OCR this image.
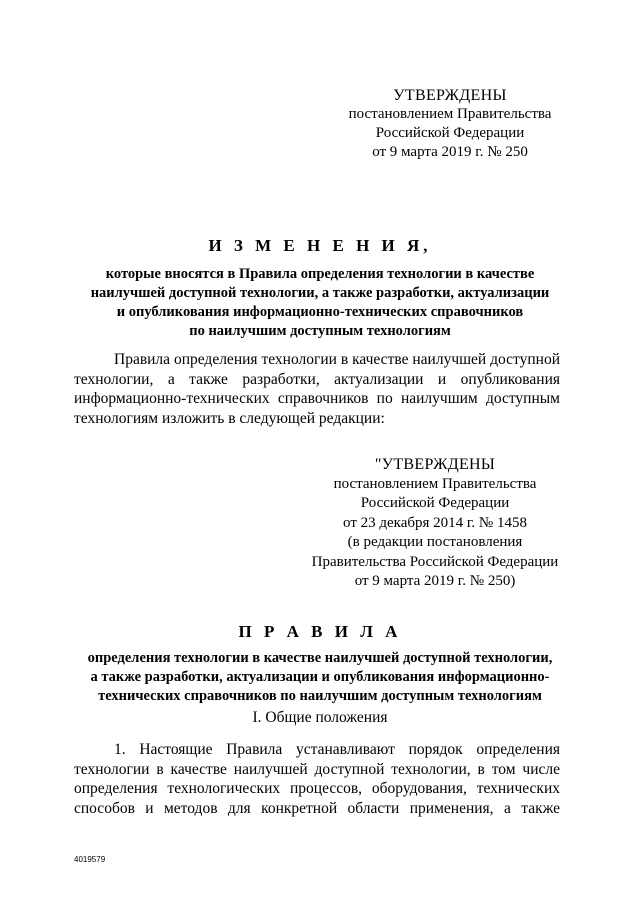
УТВЕРЖДЕНЫ
постановлением Правительства
Российской Федерации
от 9 марта 2019 г. № 250
И З М Е Н Е Н И Я,
которые вносятся в Правила определения технологии в качестве
наилучшей доступной технологии, а также разработки, актуализации
и опубликования информационно-технических справочников
по наилучшим доступным технологиям
Правила определения технологии в качестве наилучшей доступной
технологии, а также разработки, актуализации и опубликования
информационно-технических справочников по наилучшим доступным
технологиям изложить в следующей редакции:
"УТВЕРЖДЕНЫ
постановлением Правительства
Российской Федерации
от 23 декабря 2014 г. № 1458
(в редакции постановления
Правительства Российской Федерации
от 9 марта 2019 г. № 250)
П Р А В И Л А
определения технологии в качестве наилучшей доступной технологии,
а также разработки, актуализации и опубликования информационно-
технических справочников по наилучшим доступным технологиям
I. Общие положения
1. Настоящие Правила устанавливают порядок определения
технологии в качестве наилучшей доступной технологии, в том числе
определения технологических процессов, оборудования, технических
способов и методов для конкретной области применения, а также
4019579
